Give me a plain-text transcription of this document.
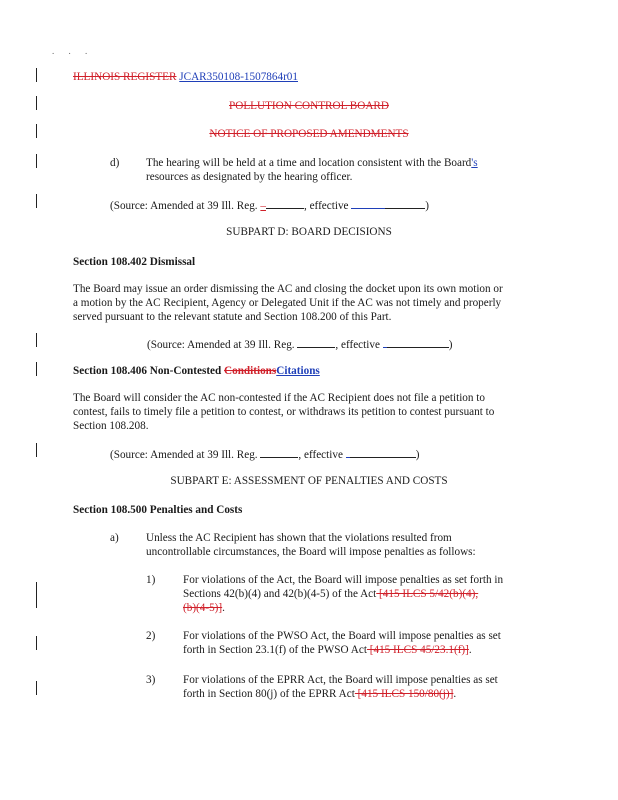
. . .
ILLINOIS REGISTER JCAR350108-1507864r01
POLLUTION CONTROL BOARD
NOTICE OF PROPOSED AMENDMENTS
d) The hearing will be held at a time and location consistent with the Board's
resources as designated by the hearing officer.
(Source: Amended at 39 Ill. Reg. –	, effective	)
SUBPART D: BOARD DECISIONS
Section 108.402 Dismissal
The Board may issue an order dismissing the AC and closing the docket upon its own motion or
a motion by the AC Recipient, Agency or Delegated Unit if the AC was not timely and properly
served pursuant to the relevant statute and Section 108.200 of this Part.
(Source: Amended at 39 Ill. Reg.	, effective	)
Section 108.406 Non-Contested ConditionsCitations
The Board will consider the AC non-contested if the AC Recipient does not file a petition to
contest, fails to timely file a petition to contest, or withdraws its petition to contest pursuant to
Section 108.208.
(Source: Amended at 39 Ill. Reg.	, effective	)
SUBPART E: ASSESSMENT OF PENALTIES AND COSTS
Section 108.500 Penalties and Costs
a) Unless the AC Recipient has shown that the violations resulted from
uncontrollable circumstances, the Board will impose penalties as follows:
1) For violations of the Act, the Board will impose penalties as set forth in
Sections 42(b)(4) and 42(b)(4-5) of the Act [415 ILCS 5/42(b)(4),
(b)(4-5)].
2) For violations of the PWSO Act, the Board will impose penalties as set
forth in Section 23.1(f) of the PWSO Act [415 ILCS 45/23.1(f)].
3) For violations of the EPRR Act, the Board will impose penalties as set
forth in Section 80(j) of the EPRR Act [415 ILCS 150/80(j)].
